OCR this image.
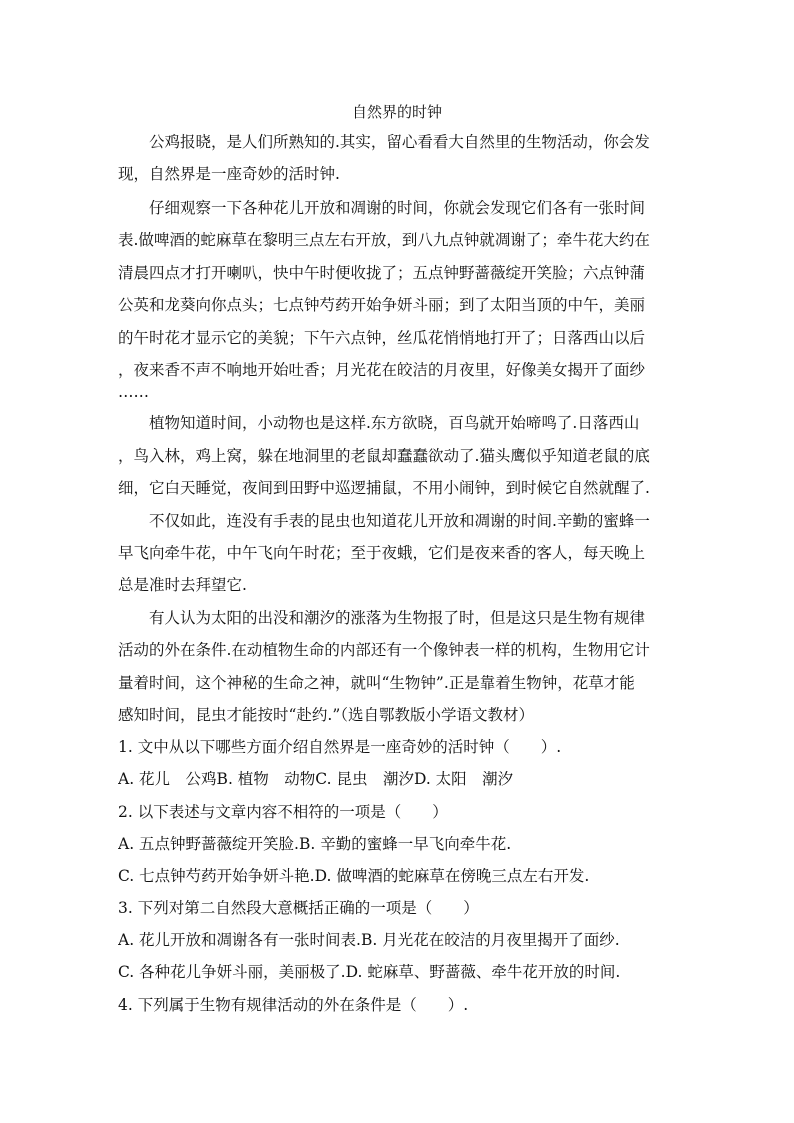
自然界的时钟
　　公鸡报晓，是人们所熟知的.其实，留心看看大自然里的生物活动，你会发
现，自然界是一座奇妙的活时钟.
　　仔细观察一下各种花儿开放和凋谢的时间，你就会发现它们各有一张时间
表.做啤酒的蛇麻草在黎明三点左右开放，到八九点钟就凋谢了；牵牛花大约在
清晨四点才打开喇叭，快中午时便收拢了；五点钟野蔷薇绽开笑脸；六点钟蒲
公英和龙葵向你点头；七点钟芍药开始争妍斗丽；到了太阳当顶的中午，美丽
的午时花才显示它的美貌；下午六点钟，丝瓜花悄悄地打开了；日落西山以后
，夜来香不声不响地开始吐香；月光花在皎洁的月夜里，好像美女揭开了面纱
……
　　植物知道时间，小动物也是这样.东方欲晓，百鸟就开始啼鸣了.日落西山
，鸟入林，鸡上窝，躲在地洞里的老鼠却蠢蠢欲动了.猫头鹰似乎知道老鼠的底
细，它白天睡觉，夜间到田野中巡逻捕鼠，不用小闹钟，到时候它自然就醒了.
　　不仅如此，连没有手表的昆虫也知道花儿开放和凋谢的时间.辛勤的蜜蜂一
早飞向牵牛花，中午飞向午时花；至于夜蛾，它们是夜来香的客人，每天晚上
总是准时去拜望它.
　　有人认为太阳的出没和潮汐的涨落为生物报了时，但是这只是生物有规律
活动的外在条件.在动植物生命的内部还有一个像钟表一样的机构，生物用它计
量着时间，这个神秘的生命之神，就叫“生物钟”.正是靠着生物钟，花草才能
感知时间，昆虫才能按时“赴约.”（选自鄂教版小学语文教材）
1. 文中从以下哪些方面介绍自然界是一座奇妙的活时钟（　　）.
A. 花儿　公鸡B. 植物　动物C. 昆虫　潮汐D. 太阳　潮汐
2. 以下表述与文章内容不相符的一项是（　　）
A. 五点钟野蔷薇绽开笑脸.B. 辛勤的蜜蜂一早飞向牵牛花.
C. 七点钟芍药开始争妍斗艳.D. 做啤酒的蛇麻草在傍晚三点左右开发.
3. 下列对第二自然段大意概括正确的一项是（　　）
A. 花儿开放和凋谢各有一张时间表.B. 月光花在皎洁的月夜里揭开了面纱.
C. 各种花儿争妍斗丽，美丽极了.D. 蛇麻草、野蔷薇、牵牛花开放的时间.
4. 下列属于生物有规律活动的外在条件是（　　）.
